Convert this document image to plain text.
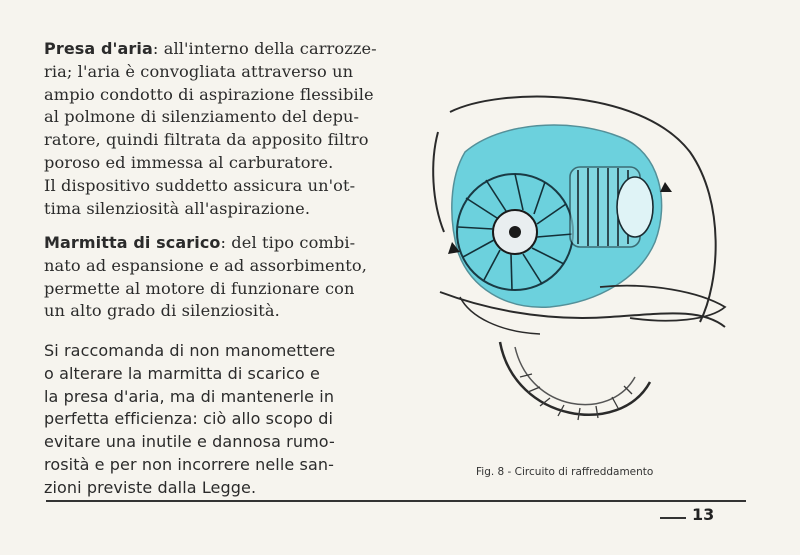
Presa d'aria: all'interno della carrozze-
ria; l'aria è convogliata attraverso un
ampio condotto di aspirazione flessibile
al polmone di silenziamento del depu-
ratore, quindi filtrata da apposito filtro
poroso ed immessa al carburatore.
Il dispositivo suddetto assicura un'ot-
tima silenziosità all'aspirazione.
Marmitta di scarico: del tipo combi-
nato ad espansione e ad assorbimento,
permette al motore di funzionare con
un alto grado di silenziosità.
Si raccomanda di non manomettere
o alterare la marmitta di scarico e
la presa d'aria, ma di mantenerle in
perfetta efficienza: ciò allo scopo di
evitare una inutile e dannosa rumo-
rosità e per non incorrere nelle san-
zioni previste dalla Legge.
Fig. 8 - Circuito di raffreddamento
13
